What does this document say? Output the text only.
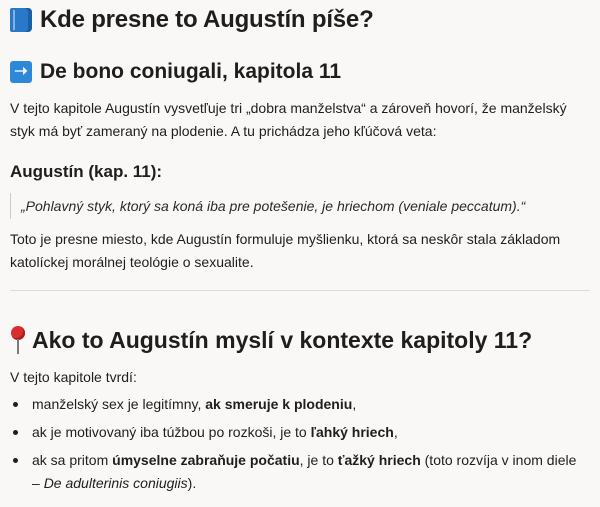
Kde presne to Augustín píše?
➝ De bono coniugali, kapitola 11

V tejto kapitole Augustín vysvetľuje tri „dobra manželstva“ a zároveň hovorí, že manželský styk má byť zameraný na plodenie. A tu prichádza jeho kľúčová veta:

Augustín (kap. 11):
„Pohlavný styk, ktorý sa koná iba pre potešenie, je hriechom (veniale peccatum).“

Toto je presne miesto, kde Augustín formuluje myšlienku, ktorá sa neskôr stala základom katolíckej morálnej teológie o sexualite.

Ako to Augustín myslí v kontexte kapitoly 11?

V tejto kapitole tvrdí:

manželský sex je legitímny, ak smeruje k plodeniu,
ak je motivovaný iba túžbou po rozkoši, je to ľahký hriech,
ak sa pritom úmyselne zabraňuje počatiu, je to ťažký hriech (toto rozvíja v inom diele – De adulterinis coniugiis).
